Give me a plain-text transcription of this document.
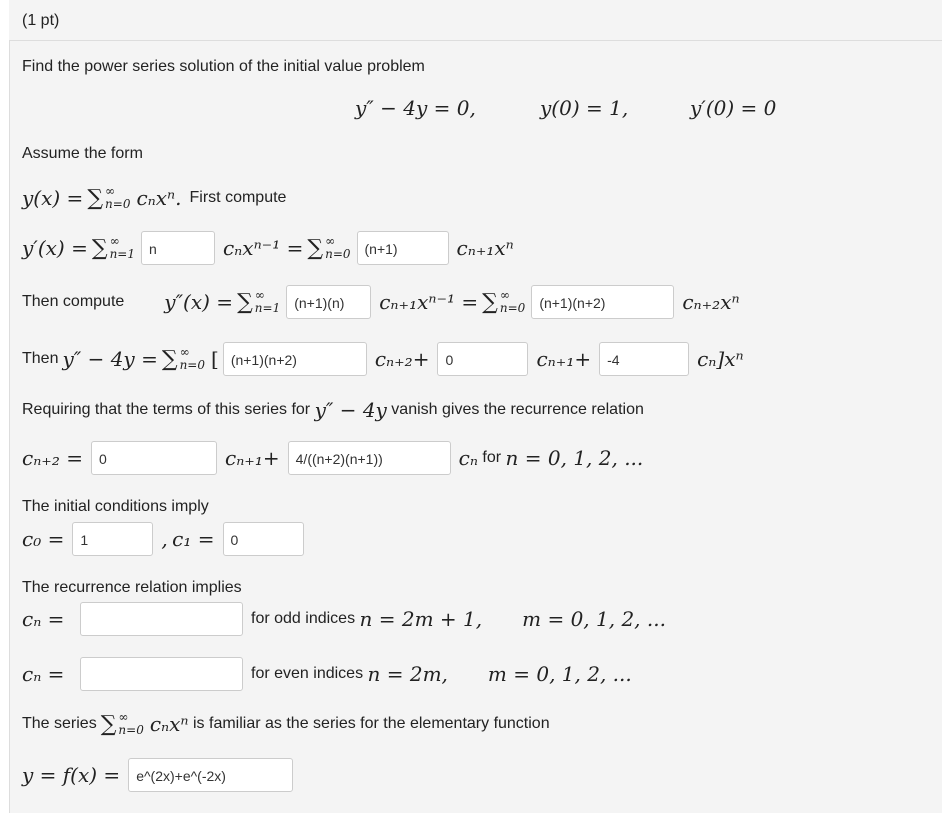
(1 pt)
Find the power series solution of the initial value problem
y″ − 4y = 0,	y(0) = 1,	y′(0) = 0
Assume the form
y(x) = ∑ ∞
n=0 cₙxⁿ. First compute
y′(x) = ∑ ∞
n=1	n	cₙxⁿ⁻¹ = ∑ ∞
n=0	(n+1)	cₙ₊₁xⁿ
Then compute y″(x) = ∑ ∞
n=1	(n+1)(n)	cₙ₊₁xⁿ⁻¹ = ∑ ∞
n=0	(n+1)(n+2)	cₙ₊₂xⁿ
Then y″ − 4y = ∑ ∞
n=0 [ (n+1)(n+2)	cₙ₊₂+	0	cₙ₊₁+	-4	cₙ]xⁿ
Requiring that the terms of this series for
y″ − 4y
vanish gives the recurrence relation
cₙ₊₂ =	0	cₙ₊₁+	4/((n+2)(n+1))	cₙ
for
n = 0, 1, 2, ...
The initial conditions imply
c₀ =	1	,
c₁ =	0
The recurrence relation implies
cₙ =	for odd indices
n = 2m + 1, m = 0, 1, 2, ...
cₙ =	for even indices
n = 2m, m = 0, 1, 2, ...
The series ∑ ∞
n=0 cₙxⁿ
is familiar as the series for the elementary function
y = f(x) =	e^(2x)+e^(-2x)
